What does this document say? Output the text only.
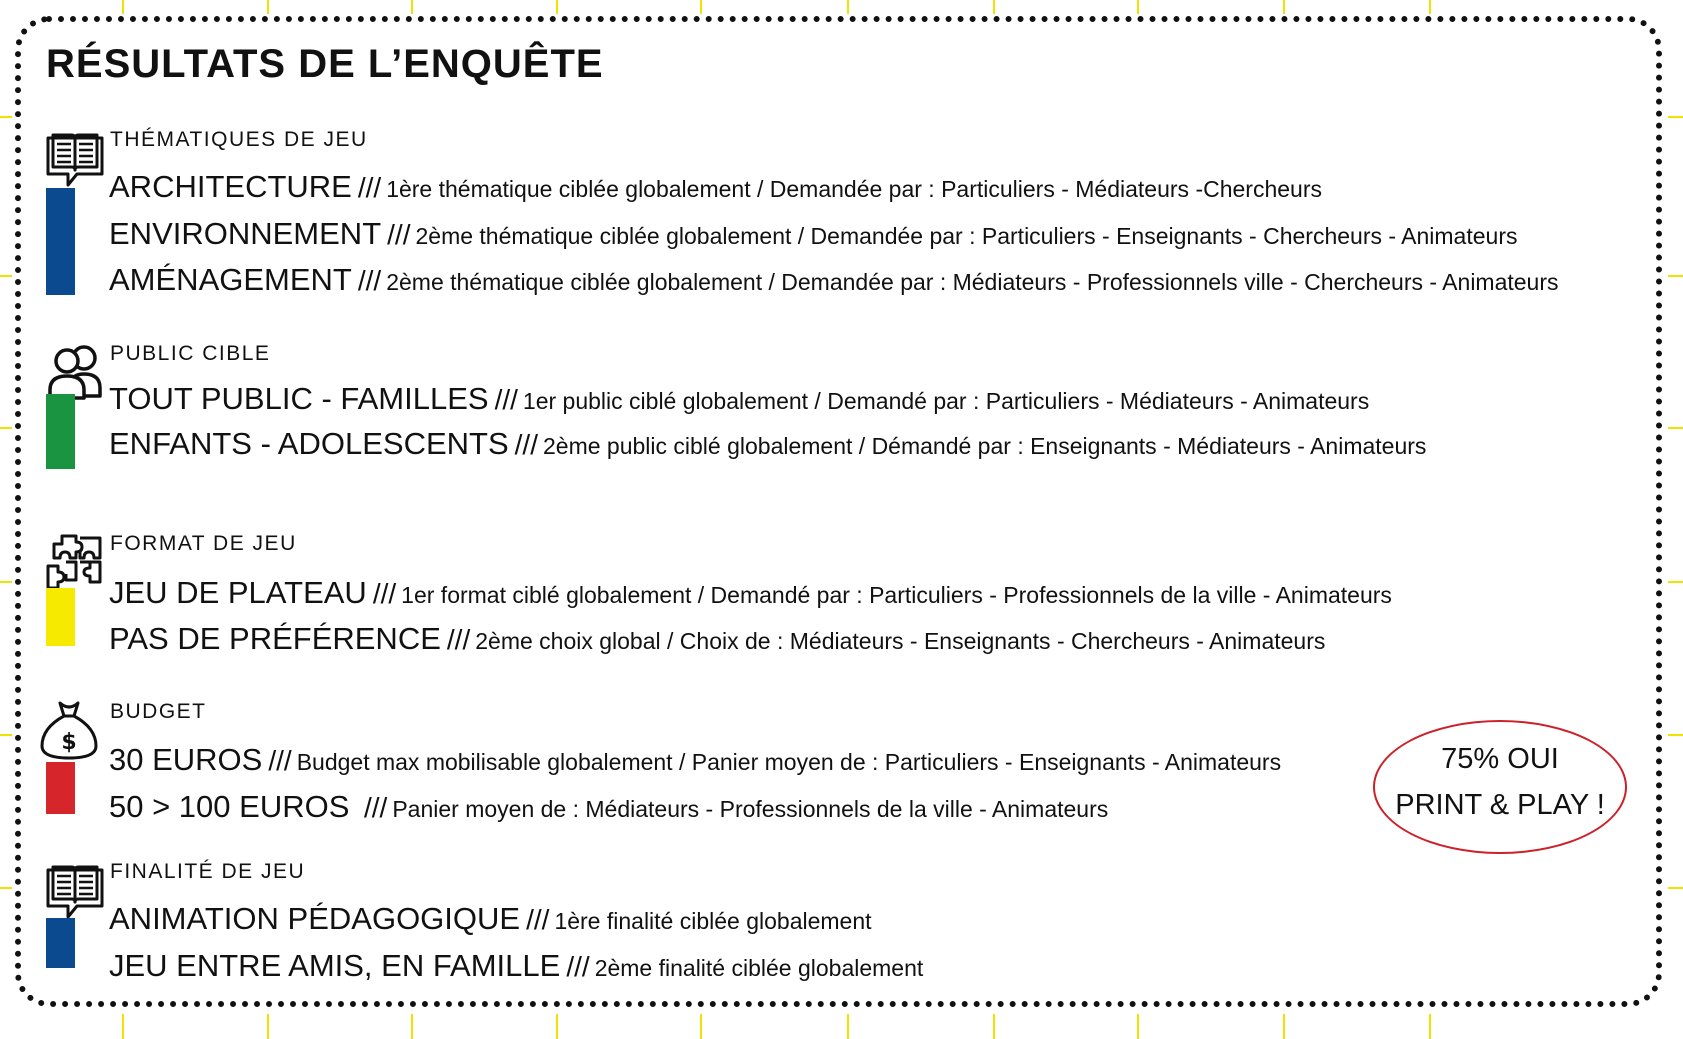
RÉSULTATS DE L’ENQUÊTE
THÉMATIQUES DE JEU
ARCHITECTURE /// 1ère thématique ciblée globalement / Demandée par : Particuliers - Médiateurs -Chercheurs
ENVIRONNEMENT /// 2ème thématique ciblée globalement / Demandée par : Particuliers - Enseignants - Chercheurs - Animateurs
AMÉNAGEMENT /// 2ème thématique ciblée globalement / Demandée par : Médiateurs - Professionnels ville - Chercheurs - Animateurs
PUBLIC CIBLE
TOUT PUBLIC - FAMILLES /// 1er public ciblé globalement / Demandé par : Particuliers - Médiateurs - Animateurs
ENFANTS - ADOLESCENTS /// 2ème public ciblé globalement / Démandé par : Enseignants - Médiateurs - Animateurs
FORMAT DE JEU
JEU DE PLATEAU /// 1er format ciblé globalement / Demandé par : Particuliers - Professionnels de la ville - Animateurs
PAS DE PRÉFÉRENCE /// 2ème choix global / Choix de : Médiateurs - Enseignants - Chercheurs - Animateurs
$
BUDGET
30 EUROS /// Budget max mobilisable globalement / Panier moyen de : Particuliers - Enseignants - Animateurs
50 > 100 EUROS /// Panier moyen de : Médiateurs - Professionnels de la ville - Animateurs
FINALITÉ DE JEU
ANIMATION PÉDAGOGIQUE /// 1ère finalité ciblée globalement
JEU ENTRE AMIS, EN FAMILLE /// 2ème finalité ciblée globalement
75% OUI
PRINT & PLAY !
